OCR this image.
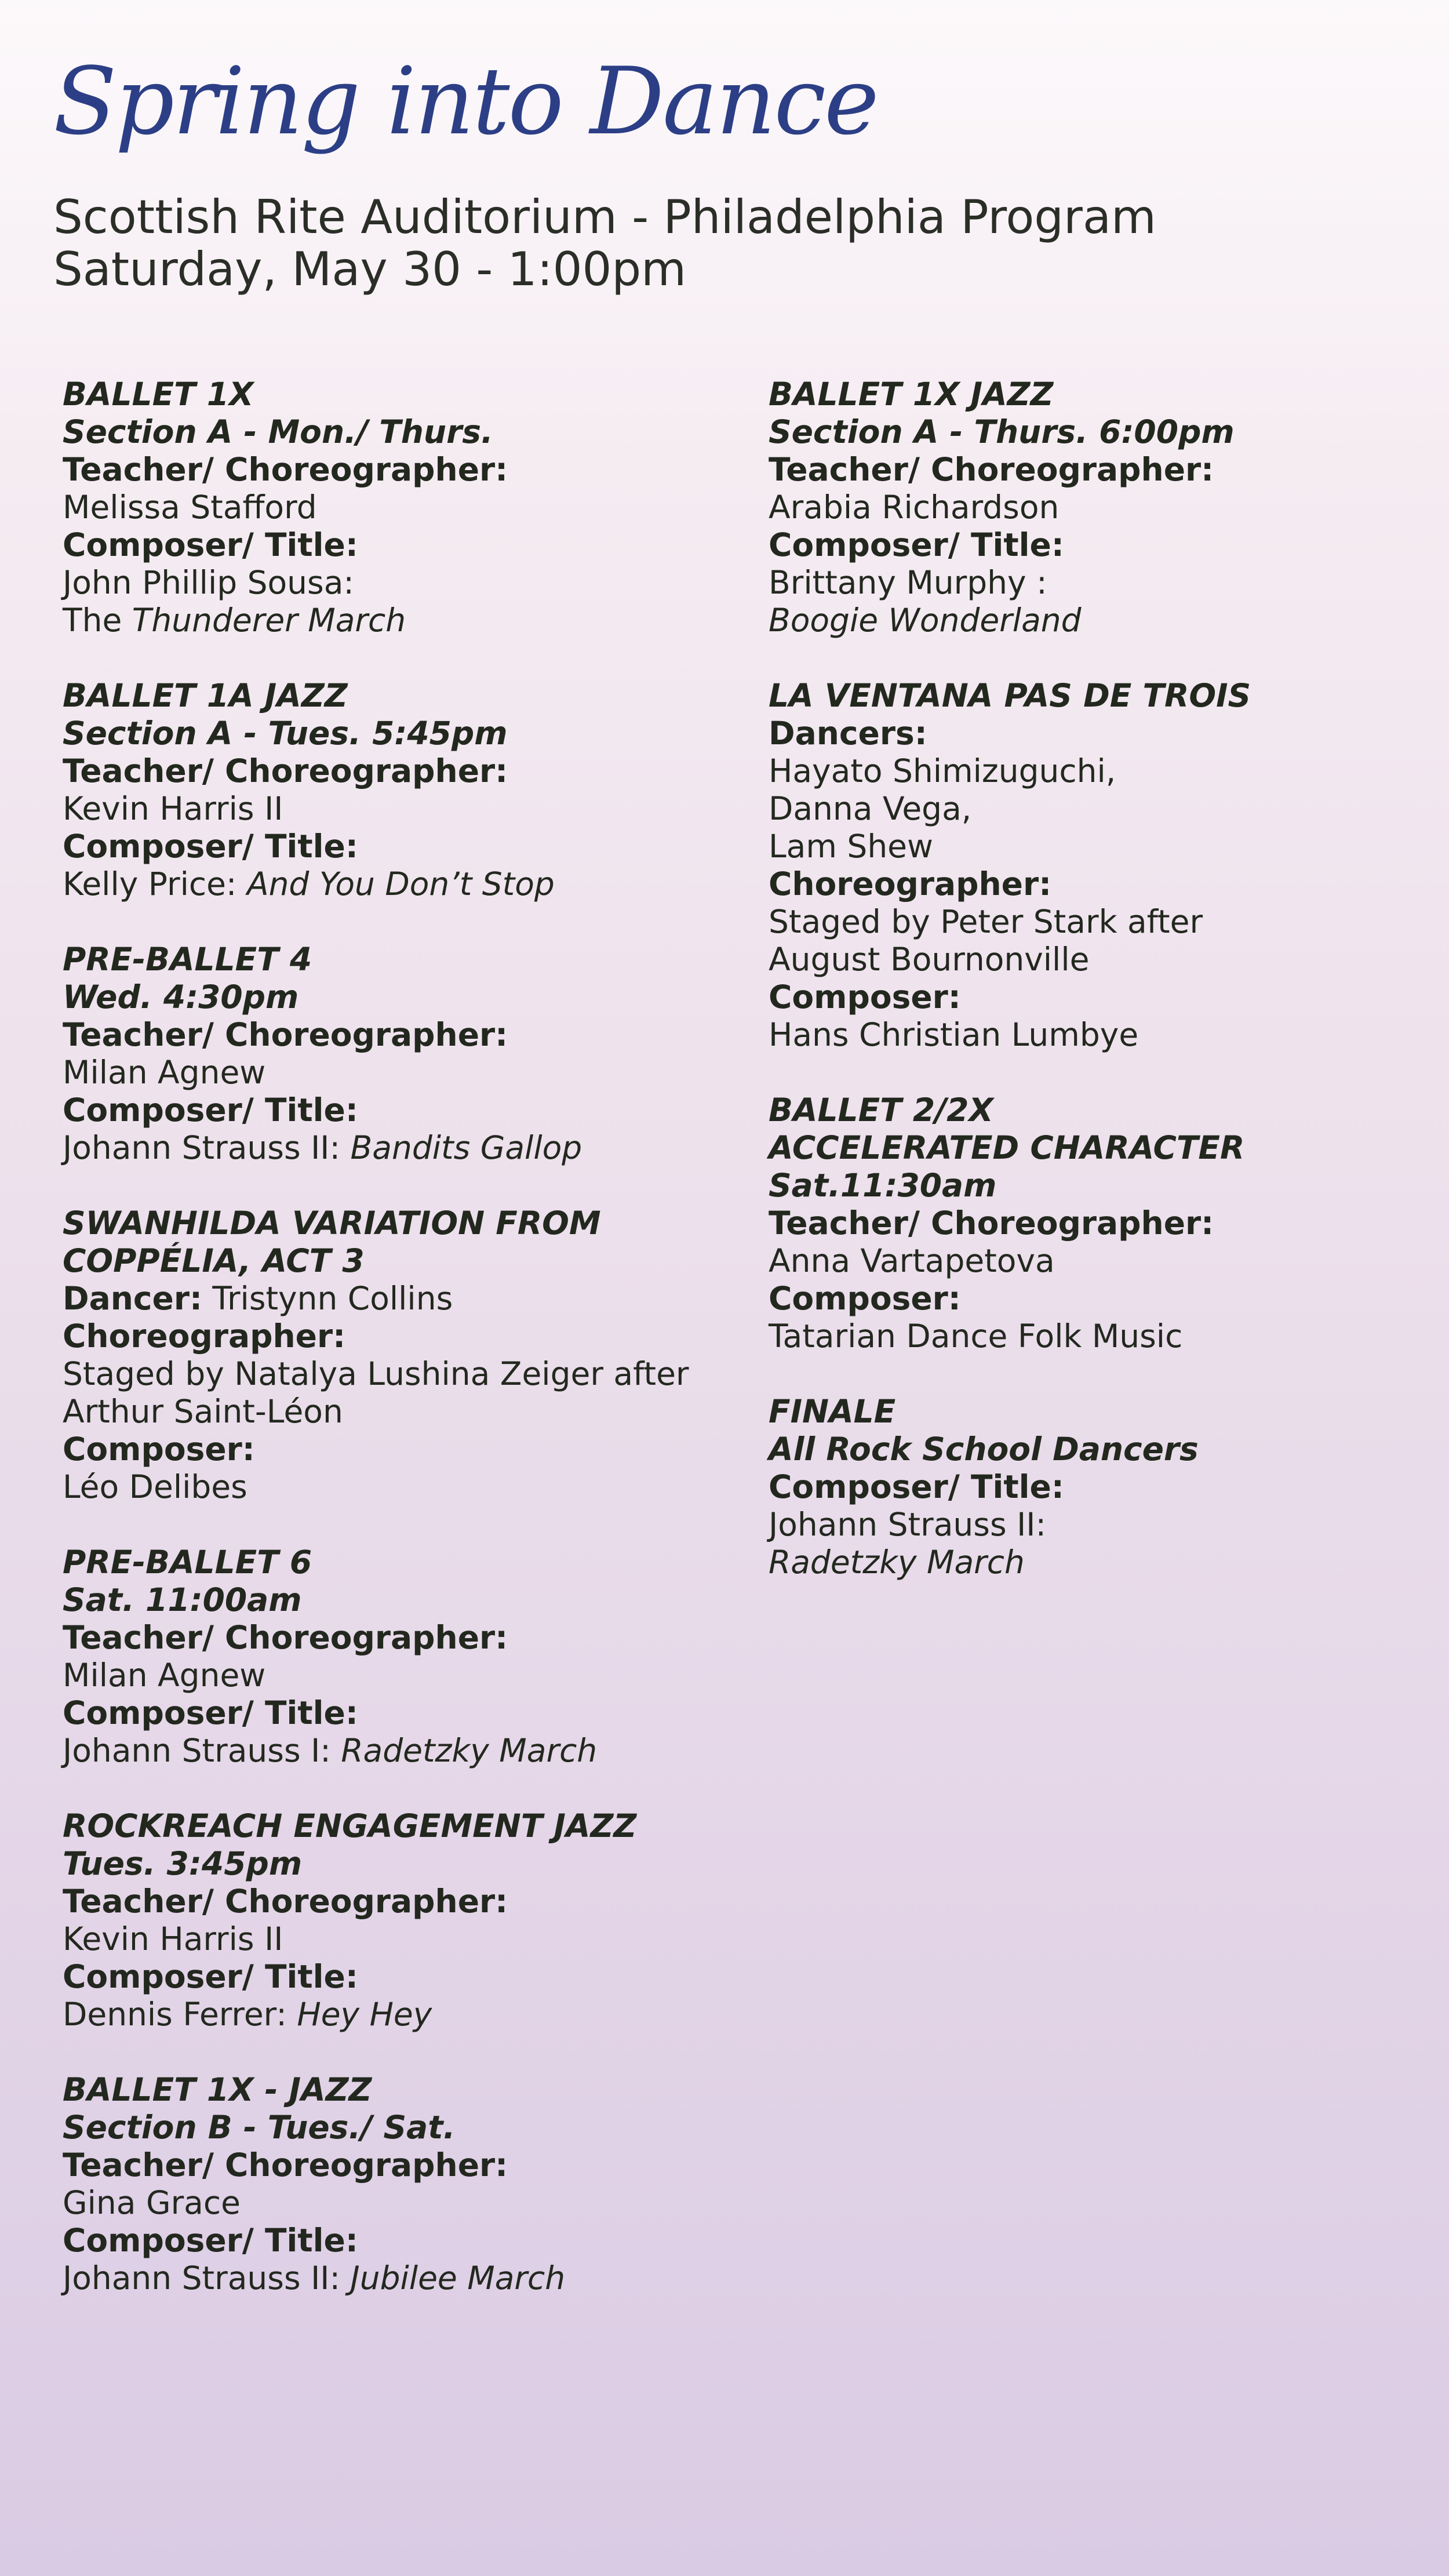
Spring into Dance
Scottish Rite Auditorium - Philadelphia Program
Saturday, May 30 - 1:00pm
BALLET 1X
Section A - Mon./ Thurs.
Teacher/ Choreographer:
Melissa Stafford
Composer/ Title:
John Phillip Sousa:
The Thunderer March
BALLET 1A JAZZ
Section A - Tues. 5:45pm
Teacher/ Choreographer:
Kevin Harris II
Composer/ Title:
Kelly Price: And You Don’t Stop
PRE-BALLET 4
Wed. 4:30pm
Teacher/ Choreographer:
Milan Agnew
Composer/ Title:
Johann Strauss II: Bandits Gallop
SWANHILDA VARIATION FROM
COPPÉLIA, ACT 3
Dancer: Tristynn Collins
Choreographer:
Staged by Natalya Lushina Zeiger after
Arthur Saint-Léon
Composer:
Léo Delibes
PRE-BALLET 6
Sat. 11:00am
Teacher/ Choreographer:
Milan Agnew
Composer/ Title:
Johann Strauss I: Radetzky March
ROCKREACH ENGAGEMENT JAZZ
Tues. 3:45pm
Teacher/ Choreographer:
Kevin Harris II
Composer/ Title:
Dennis Ferrer: Hey Hey
BALLET 1X - JAZZ
Section B - Tues./ Sat.
Teacher/ Choreographer:
Gina Grace
Composer/ Title:
Johann Strauss II: Jubilee March
BALLET 1X JAZZ
Section A - Thurs. 6:00pm
Teacher/ Choreographer:
Arabia Richardson
Composer/ Title:
Brittany Murphy :
Boogie Wonderland
LA VENTANA PAS DE TROIS
Dancers:
Hayato Shimizuguchi,
Danna Vega,
Lam Shew
Choreographer:
Staged by Peter Stark after
August Bournonville
Composer:
Hans Christian Lumbye
BALLET 2/2X
ACCELERATED CHARACTER
Sat.11:30am
Teacher/ Choreographer:
Anna Vartapetova
Composer:
Tatarian Dance Folk Music
FINALE
All Rock School Dancers
Composer/ Title:
Johann Strauss II:
Radetzky March
